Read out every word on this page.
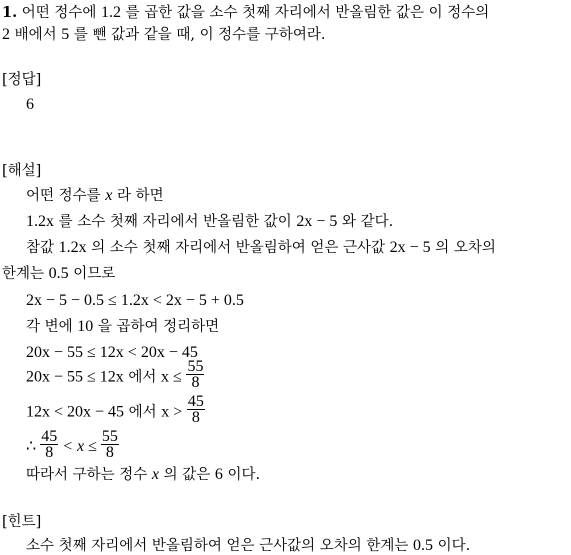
1. 어떤 정수에 1.2 를 곱한 값을 소수 첫째 자리에서 반올림한 값은 이 정수의
2 배에서 5 를 뺀 값과 같을 때, 이 정수를 구하여라.
[정답]
6
[해설]
어떤 정수를 x 라 하면
1.2x 를 소수 첫째 자리에서 반올림한 값이 2x − 5 와 같다.
참값 1.2x 의 소수 첫째 자리에서 반올림하여 얻은 근사값 2x − 5 의 오차의
한계는 0.5 이므로
2x − 5 − 0.5 ≤ 1.2x < 2x − 5 + 0.5
각 변에 10 을 곱하여 정리하면
20x − 55 ≤ 12x < 20x − 45
20x − 55 ≤ 12x 에서 $x \le \frac{55}{8}$
12x < 20x − 45 에서 $x > \frac{45}{8}$
∴ $\frac{45}{8} < x \le \frac{55}{8}$
따라서 구하는 정수 x 의 값은 6 이다.
[힌트]
소수 첫째 자리에서 반올림하여 얻은 근사값의 오차의 한계는 0.5 이다.
